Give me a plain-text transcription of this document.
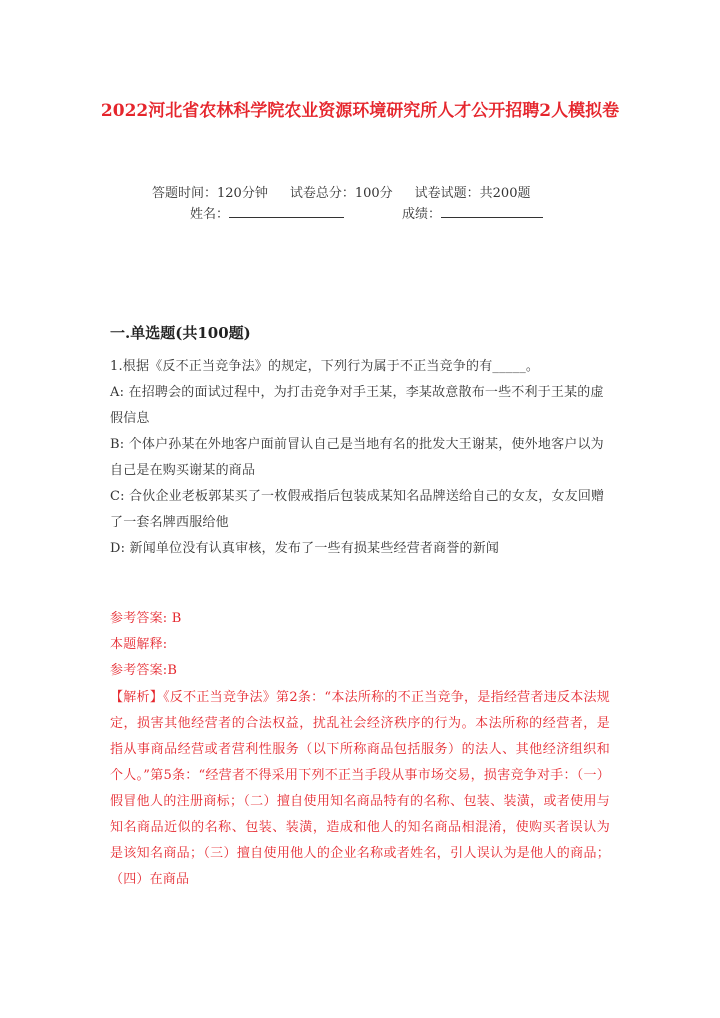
2022河北省农林科学院农业资源环境研究所人才公开招聘2人模拟卷
答题时间：120分钟 试卷总分：100分 试卷试题：共200题
姓名：	成绩：
一.单选题(共100题)

1.根据《反不正当竞争法》的规定，下列行为属于不正当竞争的有_____。

A: 在招聘会的面试过程中，为打击竞争对手王某，李某故意散布一些不利于王某的虚假信息

B: 个体户孙某在外地客户面前冒认自己是当地有名的批发大王谢某，使外地客户以为自己是在购买谢某的商品

C: 合伙企业老板郭某买了一枚假戒指后包装成某知名品牌送给自己的女友，女友回赠了一套名牌西服给他

D: 新闻单位没有认真审核，发布了一些有损某些经营者商誉的新闻

参考答案: B

本题解释:

参考答案:B

【解析】《反不正当竞争法》第2条：“本法所称的不正当竞争，是指经营者违反本法规定，损害其他经营者的合法权益，扰乱社会经济秩序的行为。本法所称的经营者，是指从事商品经营或者营利性服务（以下所称商品包括服务）的法人、其他经济组织和个人。”第5条：“经营者不得采用下列不正当手段从事市场交易，损害竞争对手：（一）假冒他人的注册商标；（二）擅自使用知名商品特有的名称、包装、装潢，或者使用与知名商品近似的名称、包装、装潢，造成和他人的知名商品相混淆，使购买者误认为是该知名商品；（三）擅自使用他人的企业名称或者姓名，引人误认为是他人的商品；（四）在商品
